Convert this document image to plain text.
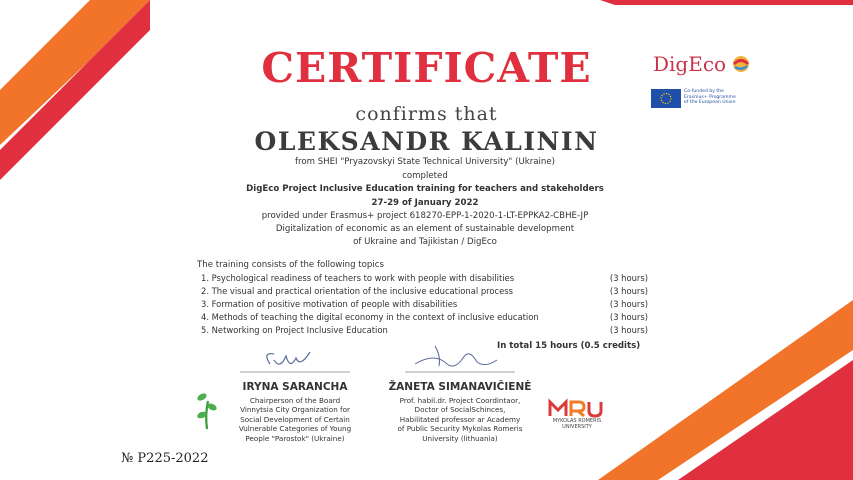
DigEco
Co-funded by the
Erasmus+ Programme
of the European Union
CERTIFICATE
confirms that
OLEKSANDR KALININ
from SHEI "Pryazovskyi State Technical University" (Ukraine)
completed
DigEco Project Inclusive Education training for teachers and stakeholders
27-29 of January 2022
provided under Erasmus+ project 618270-EPP-1-2020-1-LT-EPPKA2-CBHE-JP
Digitalization of economic as an element of sustainable development
of Ukraine and Tajikistan / DigEco
The training consists of the following topics
1. Psychological readiness of teachers to work with people with disabilities	(3 hours)
2. The visual and practical orientation of the inclusive educational process	(3 hours)
3. Formation of positive motivation of people with disabilities	(3 hours)
4. Methods of teaching the digital economy in the context of inclusive education	(3 hours)
5. Networking on Project Inclusive Education	(3 hours)
In total 15 hours (0.5 credits)
IRYNA SARANCHA
Chairperson of the Board
Vinnytsia City Organization for
Social Development of Certain
Vulnerable Categories of Young
People "Parostok" (Ukraine)
ŽANETA SIMANAVIČIENĖ
Prof. habil.dr. Project Coordintaor,
Doctor of SocialSchinces,
Habilitated professor ar Academy
of Public Security Mykolas Romeris
University (lithuania)
MYKOLAS ROMERIS
UNIVERSITY
№ P225-2022
